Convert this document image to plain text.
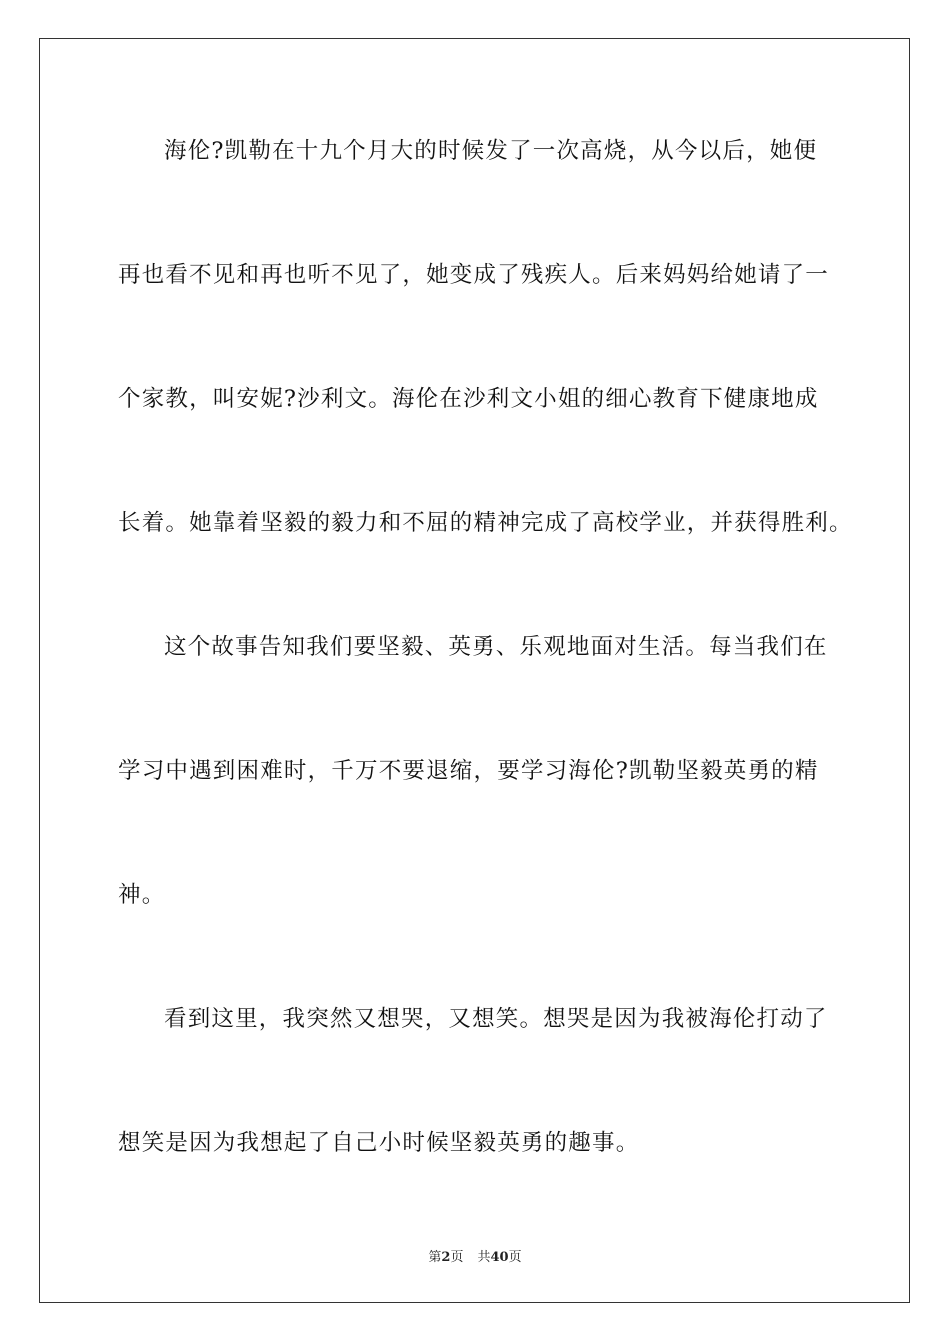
海伦?凯勒在十九个月大的时候发了一次高烧，从今以后，她便
再也看不见和再也听不见了，她变成了残疾人。后来妈妈给她请了一
个家教，叫安妮?沙利文。海伦在沙利文小姐的细心教育下健康地成
长着。她靠着坚毅的毅力和不屈的精神完成了高校学业，并获得胜利。
这个故事告知我们要坚毅、英勇、乐观地面对生活。每当我们在
学习中遇到困难时，千万不要退缩，要学习海伦?凯勒坚毅英勇的精
神。
看到这里，我突然又想哭，又想笑。想哭是因为我被海伦打动了
想笑是因为我想起了自己小时候坚毅英勇的趣事。
第2页 共40页
